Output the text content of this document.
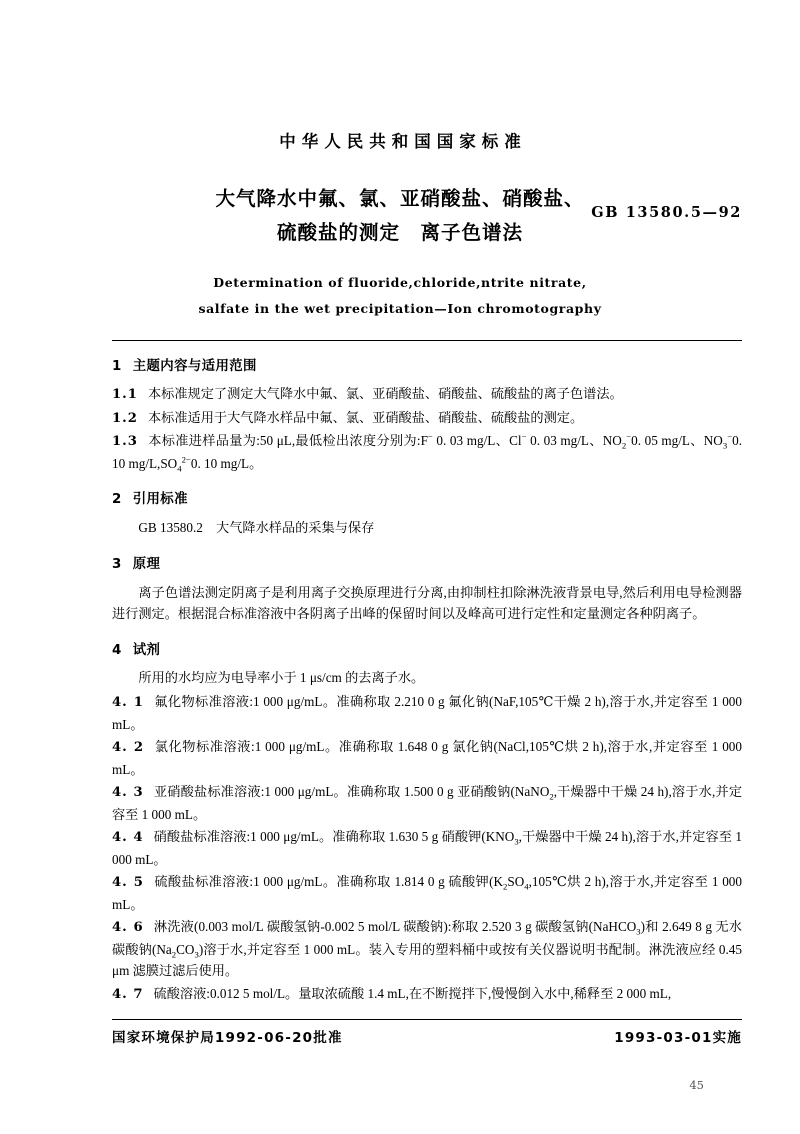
中华人民共和国国家标准
大气降水中氟、氯、亚硝酸盐、硝酸盐、
硫酸盐的测定　离子色谱法
GB 13580.5—92
Determination of fluoride,chloride,ntrite nitrate,
salfate in the wet precipitation—Ion chromotography
1 主题内容与适用范围
1.1 本标准规定了测定大气降水中氟、氯、亚硝酸盐、硝酸盐、硫酸盐的离子色谱法。
1.2 本标准适用于大气降水样品中氟、氯、亚硝酸盐、硝酸盐、硫酸盐的测定。
1.3 本标准进样品量为:50 μL,最低检出浓度分别为:F− 0. 03 mg/L、Cl− 0. 03 mg/L、$NO_2^-0$. 05 mg/L、$NO_3^-0$. 10 $mg/L,SO_4^{2-}0$. 10 mg/L。
2 引用标准
GB 13580.2　大气降水样品的采集与保存
3 原理
离子色谱法测定阴离子是利用离子交换原理进行分离,由抑制柱扣除淋洗液背景电导,然后利用电导检测器进行测定。根据混合标准溶液中各阴离子出峰的保留时间以及峰高可进行定性和定量测定各种阴离子。
4 试剂
所用的水均应为电导率小于 1 μs/cm 的去离子水。
4. 1 氟化物标准溶液:1 000 μg/mL。准确称取 2.210 0 g 氟化钠(NaF,105℃干燥 2 h),溶于水,并定容至 1 000 mL。
4. 2 氯化物标准溶液:1 000 μg/mL。准确称取 1.648 0 g 氯化钠(NaCl,105℃烘 2 h),溶于水,并定容至 1 000 mL。
4. 3 亚硝酸盐标准溶液:1 000 μg/mL。准确称取 1.500 0 g 亚硝酸钠(NaNO$_2$,干燥器中干燥 24 h),溶于水,并定容至 1 000 mL。
4. 4 硝酸盐标准溶液:1 000 μg/mL。准确称取 1.630 5 g 硝酸钾($KNO_3$,干燥器中干燥 24 h),溶于水,并定容至 1 000 mL。
4. 5 硫酸盐标准溶液:1 000 μg/mL。准确称取 1.814 0 g 硫酸钾($K_2SO_4,105℃$烘 2 h),溶于水,并定容至 1 000 mL。
4. 6 淋洗液(0.003 mol/L 碳酸氢钠-0.002 5 mol/L 碳酸钠):称取 2.520 3 g 碳酸氢钠(NaHCO$_3$)和 2.649 8 g 无水碳酸钠$(Na_2CO_3)$溶于水,并定容至 1 000 mL。装入专用的塑料桶中或按有关仪器说明书配制。淋洗液应经 0.45 μm 滤膜过滤后使用。
4. 7 硫酸溶液:0.012 5 mol/L。量取浓硫酸 1.4 mL,在不断搅拌下,慢慢倒入水中,稀释至 2 000 mL,
国家环境保护局1992-06-20批准	1993-03-01实施
45
